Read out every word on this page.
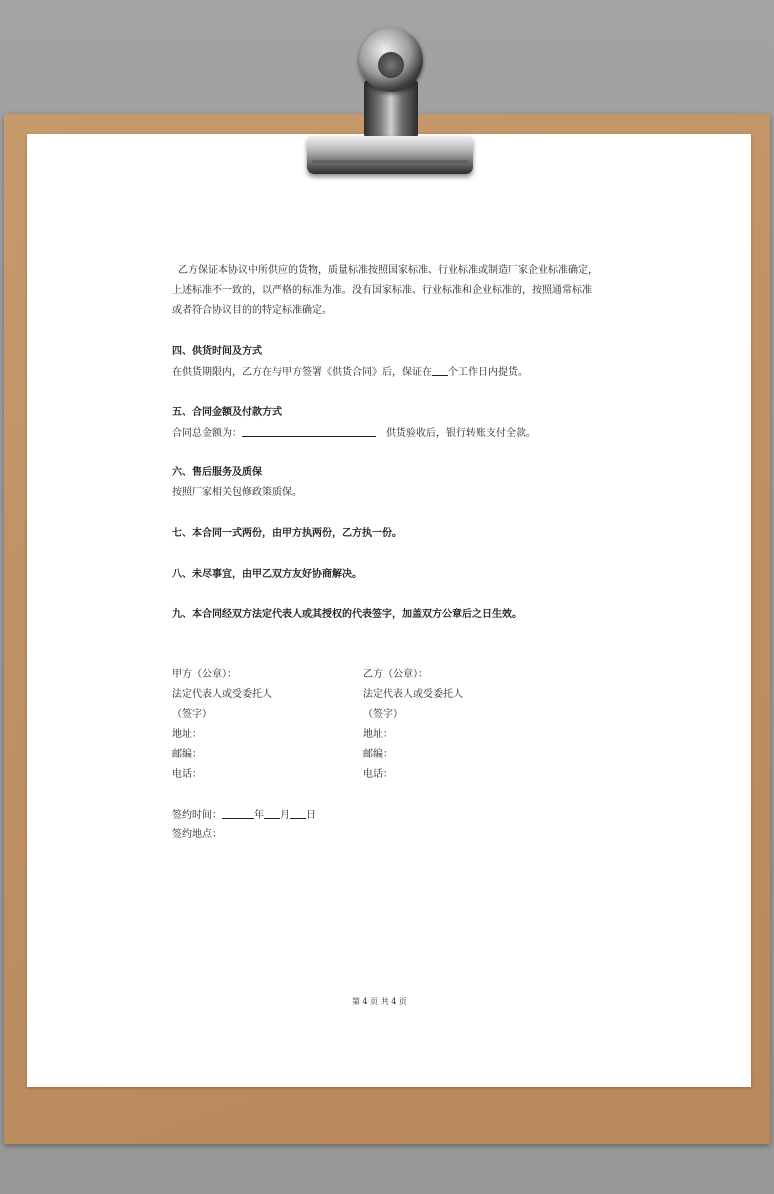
乙方保证本协议中所供应的货物，质量标准按照国家标准、行业标准或制造厂家企业标准确定，
上述标准不一致的，以严格的标准为准。没有国家标准、行业标准和企业标准的，按照通常标准
或者符合协议目的的特定标准确定。
四、供货时间及方式
在供货期限内，乙方在与甲方签署《供货合同》后，保证在 个工作日内提货。
五、合同金额及付款方式
合同总金额为：	供货验收后，银行转账支付全款。
六、售后服务及质保
按照厂家相关包修政策质保。
七、本合同一式两份，由甲方执两份，乙方执一份。
八、未尽事宜，由甲乙双方友好协商解决。
九、本合同经双方法定代表人或其授权的代表签字，加盖双方公章后之日生效。
甲方（公章）：
法定代表人或受委托人
（签字）
地址：
邮编：
电话：
乙方（公章）：
法定代表人或受委托人
（签字）
地址：
邮编：
电话：
签约时间：	年 月 日
签约地点：
第 4 页 共 4 页
